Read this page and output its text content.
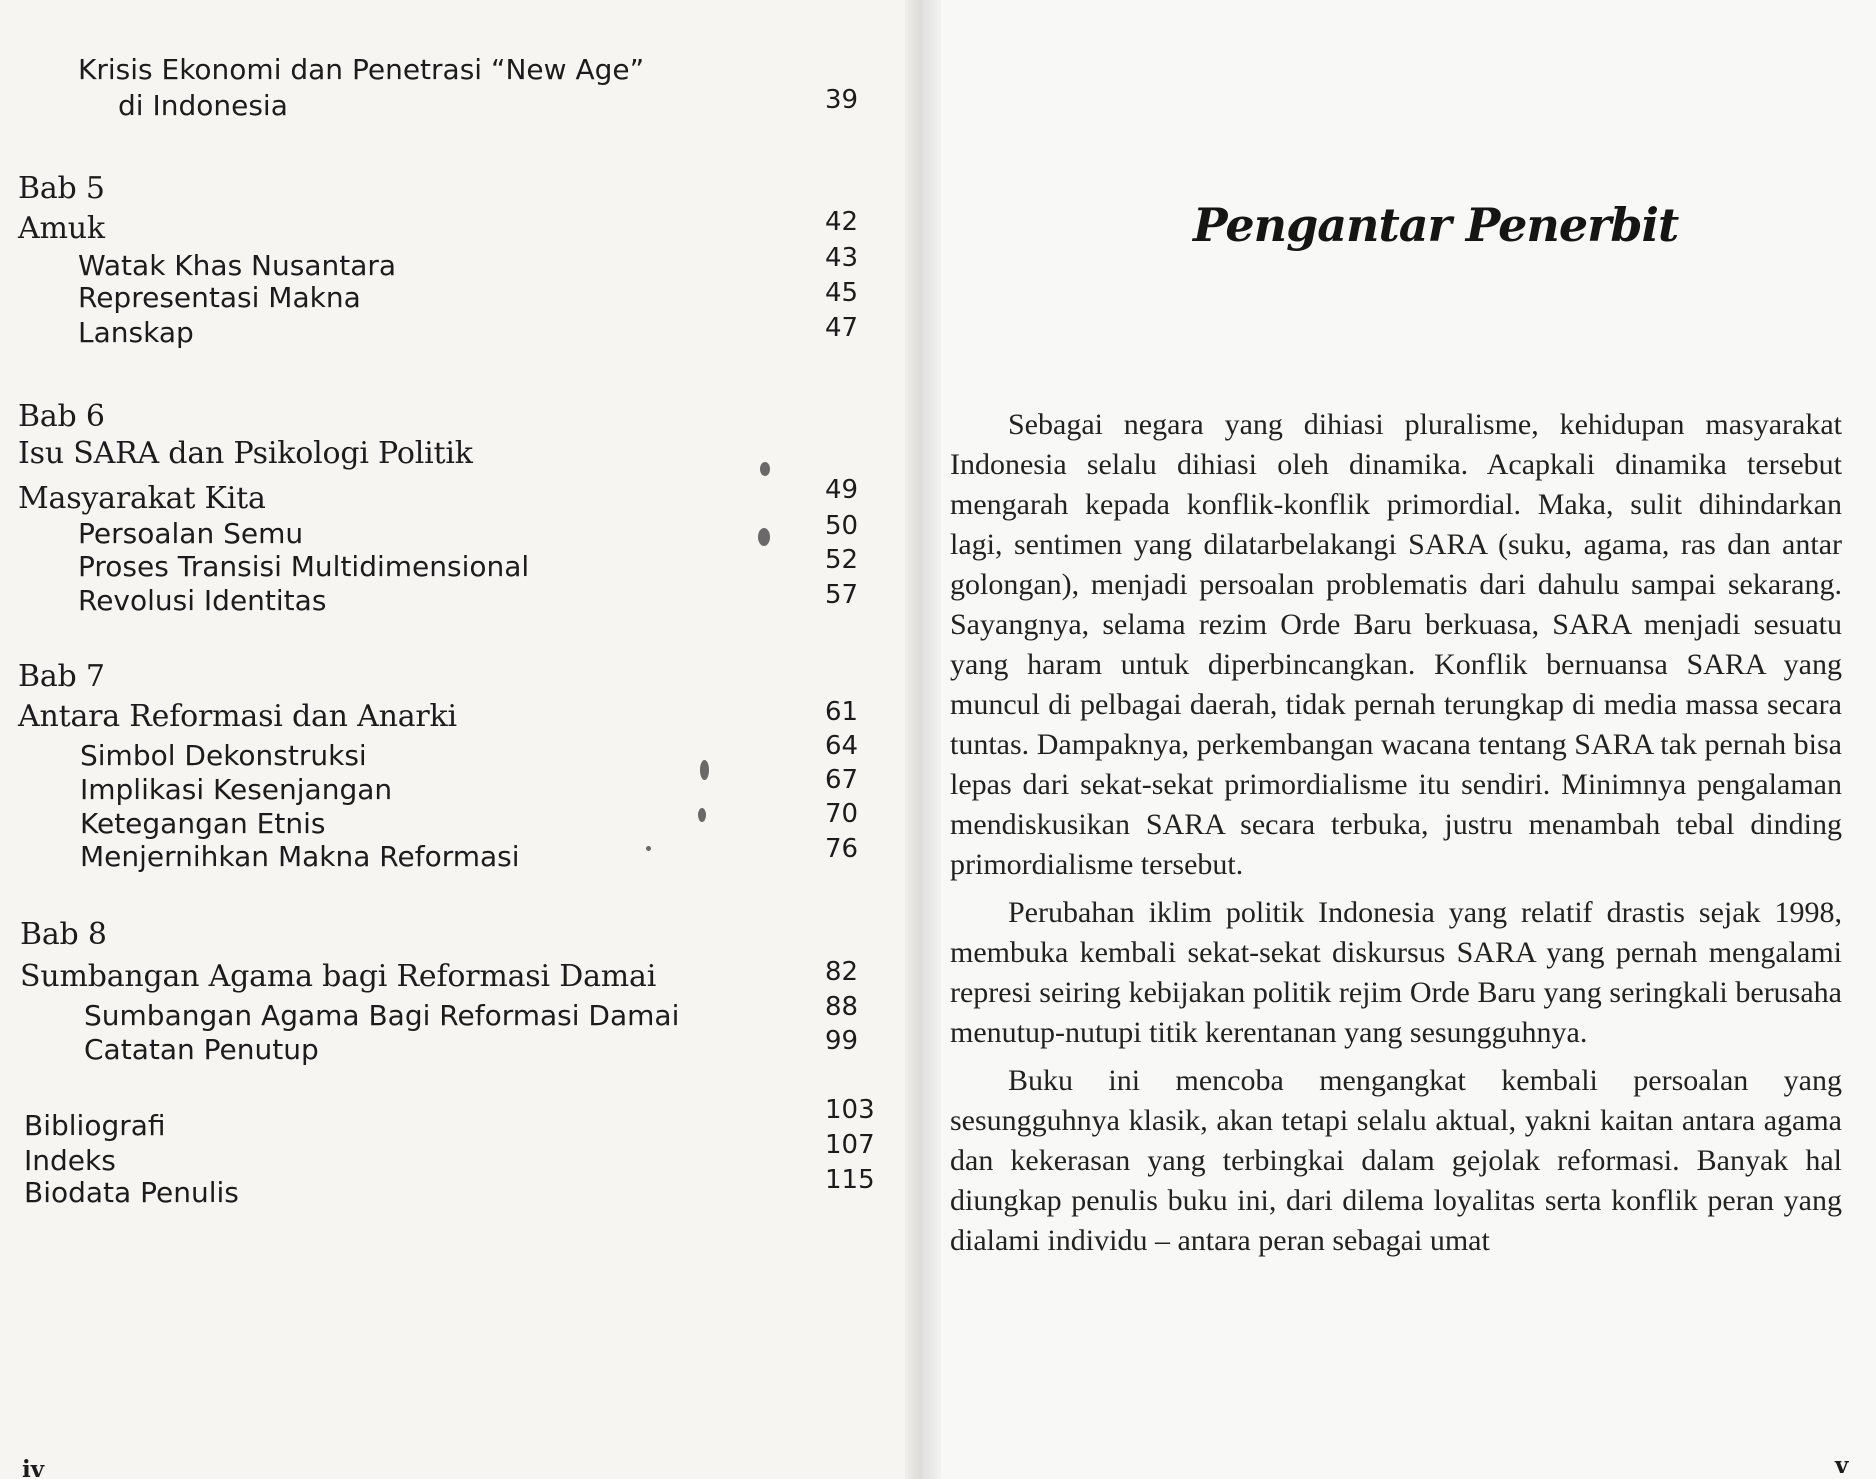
Krisis Ekonomi dan Penetrasi “New Age”
di Indonesia	39
Bab 5
Amuk	42
Watak Khas Nusantara	43
Representasi Makna	45
Lanskap	47
Bab 6
Isu SARA dan Psikologi Politik
Masyarakat Kita	49
Persoalan Semu	50
Proses Transisi Multidimensional	52
Revolusi Identitas	57
Bab 7
Antara Reformasi dan Anarki	61
Simbol Dekonstruksi	64
Implikasi Kesenjangan	67
Ketegangan Etnis	70
Menjernihkan Makna Reformasi	76
Bab 8
Sumbangan Agama bagi Reformasi Damai	82
Sumbangan Agama Bagi Reformasi Damai	88
Catatan Penutup	99
Bibliografi	103
Indeks	107
Biodata Penulis	115
iv
Pengantar Penerbit

Sebagai negara yang dihiasi pluralisme, kehidupan masyarakat Indonesia selalu dihiasi oleh dinamika. Acapkali dinamika tersebut mengarah kepada konflik-konflik primordial. Maka, sulit dihindarkan lagi, sentimen yang dilatarbelakangi SARA (suku, agama, ras dan antar golongan), menjadi persoalan problematis dari dahulu sampai sekarang. Sayangnya, selama rezim Orde Baru berkuasa, SARA menjadi sesuatu yang haram untuk diperbincangkan. Konflik bernuansa SARA yang muncul di pelbagai daerah, tidak pernah terungkap di media massa secara tuntas. Dampaknya, perkembangan wacana tentang SARA tak pernah bisa lepas dari sekat-sekat primordialisme itu sendiri. Minimnya pengalaman mendiskusikan SARA secara terbuka, justru menambah tebal dinding primordialisme tersebut.

Perubahan iklim politik Indonesia yang relatif drastis sejak 1998, membuka kembali sekat-sekat diskursus SARA yang pernah mengalami represi seiring kebijakan politik rejim Orde Baru yang seringkali berusaha menutup-nutupi titik kerentanan yang sesungguhnya.

Buku ini mencoba mengangkat kembali persoalan yang sesungguhnya klasik, akan tetapi selalu aktual, yakni kaitan antara agama dan kekerasan yang terbingkai dalam gejolak reformasi. Banyak hal diungkap penulis buku ini, dari dilema loyalitas serta konflik peran yang dialami individu – antara peran sebagai umat

v
